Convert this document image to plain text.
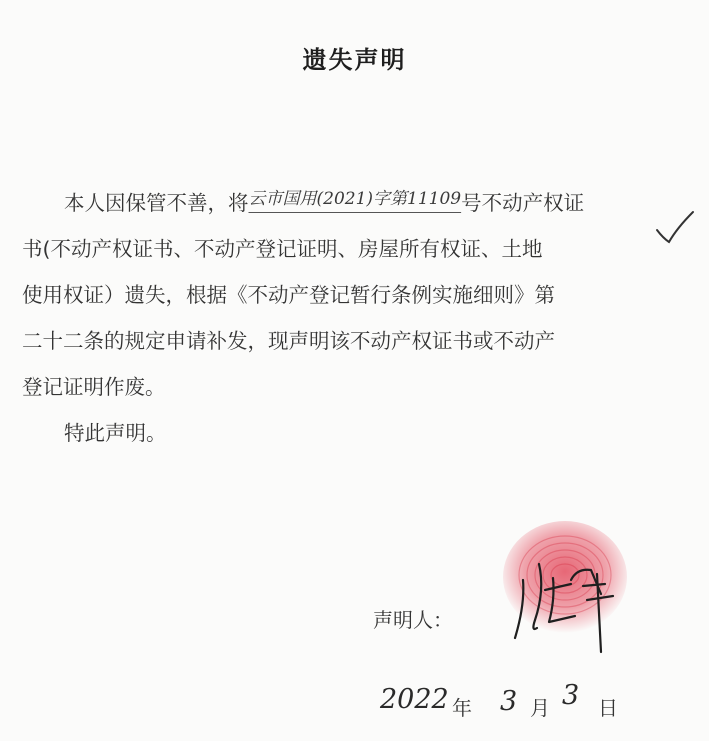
遗失声明
本人因保管不善，将$^{云市国用(2021)字第11109}$号不动产权证
书(不动产权证书、不动产登记证明、房屋所有权证、土地
使用权证）遗失，根据《不动产登记暂行条例实施细则》第
二十二条的规定申请补发，现声明该不动产权证书或不动产
登记证明作废。
特此声明。
声明人：
2022 年 3 月 3 日
